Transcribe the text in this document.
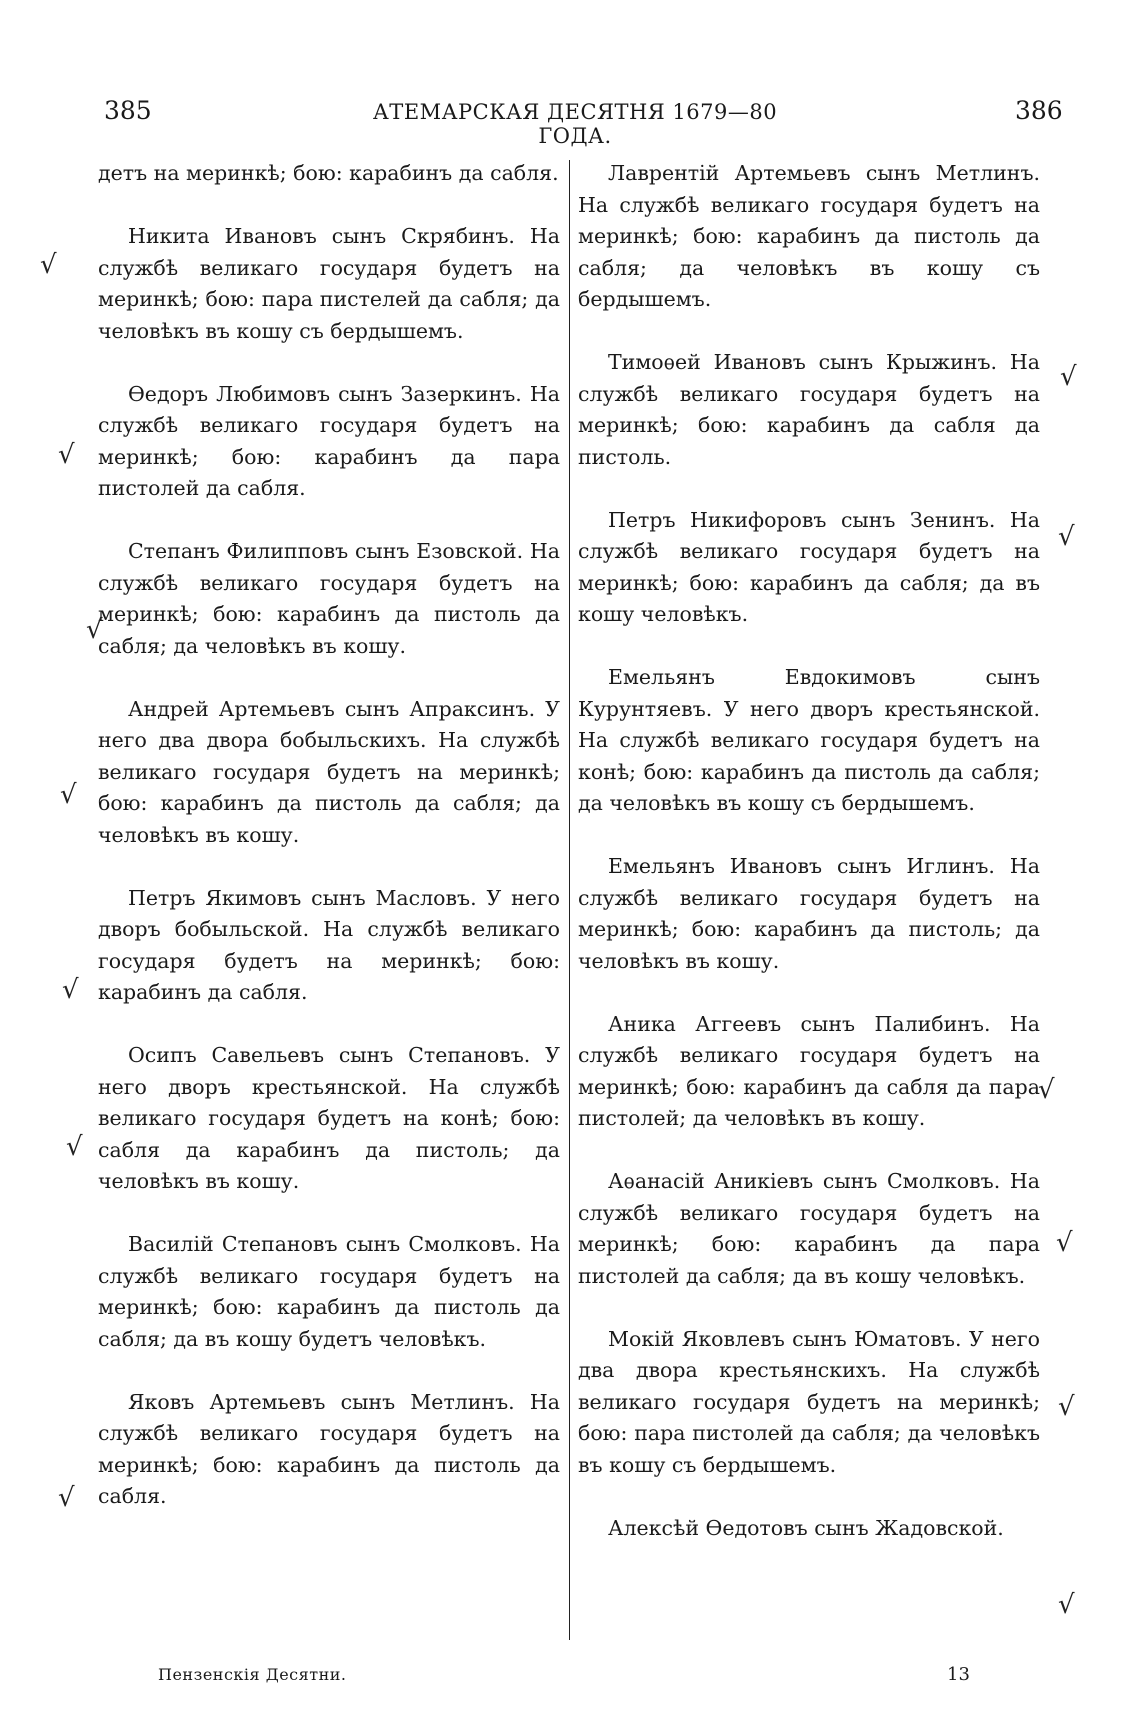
385	АТЕМАРСКАЯ ДЕСЯТНЯ 1679—80 ГОДА.
386
детъ на меринкѣ; бою: карабинъ да сабля.
Никита Ивановъ сынъ Скрябинъ. На службѣ великаго государя будетъ на меринкѣ; бою: пара пистелей да сабля; да человѣкъ въ кошу съ бердышемъ.
Ѳедоръ Любимовъ сынъ Зазеркинъ. На службѣ великаго государя будетъ на меринкѣ; бою: карабинъ да пара пистолей да сабля.
Степанъ Филипповъ сынъ Езовской. На службѣ великаго государя будетъ на меринкѣ; бою: карабинъ да пистоль да сабля; да человѣкъ въ кошу.
Андрей Артемьевъ сынъ Апраксинъ. У него два двора бобыльскихъ. На службѣ великаго государя будетъ на меринкѣ; бою: карабинъ да пистоль да сабля; да человѣкъ въ кошу.
Петръ Якимовъ сынъ Масловъ. У него дворъ бобыльской. На службѣ великаго государя будетъ на меринкѣ; бою: карабинъ да сабля.
Осипъ Савельевъ сынъ Степановъ. У него дворъ крестьянской. На службѣ великаго государя будетъ на конѣ; бою: сабля да карабинъ да пистоль; да человѣкъ въ кошу.
Василій Степановъ сынъ Смолковъ. На службѣ великаго государя будетъ на меринкѣ; бою: карабинъ да пистоль да сабля; да въ кошу будетъ человѣкъ.
Яковъ Артемьевъ сынъ Метлинъ. На службѣ великаго государя будетъ на меринкѣ; бою: карабинъ да пистоль да сабля.
Лаврентій Артемьевъ сынъ Метлинъ. На службѣ великаго государя будетъ на меринкѣ; бою: карабинъ да пистоль да сабля; да человѣкъ въ кошу съ бердышемъ.
Тимоѳей Ивановъ сынъ Крыжинъ. На службѣ великаго государя будетъ на меринкѣ; бою: карабинъ да сабля да пистоль.
Петръ Никифоровъ сынъ Зенинъ. На службѣ великаго государя будетъ на меринкѣ; бою: карабинъ да сабля; да въ кошу человѣкъ.
Емельянъ Евдокимовъ сынъ Курунтяевъ. У него дворъ крестьянской. На службѣ великаго государя будетъ на конѣ; бою: карабинъ да пистоль да сабля; да человѣкъ въ кошу съ бердышемъ.
Емельянъ Ивановъ сынъ Иглинъ. На службѣ великаго государя будетъ на меринкѣ; бою: карабинъ да пистоль; да человѣкъ въ кошу.
Аника Аггеевъ сынъ Палибинъ. На службѣ великаго государя будетъ на меринкѣ; бою: карабинъ да сабля да пара пистолей; да человѣкъ въ кошу.
Аѳанасій Аникіевъ сынъ Смолковъ. На службѣ великаго государя будетъ на меринкѣ; бою: карабинъ да пара пистолей да сабля; да въ кошу человѣкъ.
Мокій Яковлевъ сынъ Юматовъ. У него два двора крестьянскихъ. На службѣ великаго государя будетъ на меринкѣ; бою: пара пистолей да сабля; да человѣкъ въ кошу съ бердышемъ.
Алексѣй Ѳедотовъ сынъ Жадовской.
√
√
√
√
√
√
√
√
√
√
√
√
√
Пензенскія Десятни.	13
